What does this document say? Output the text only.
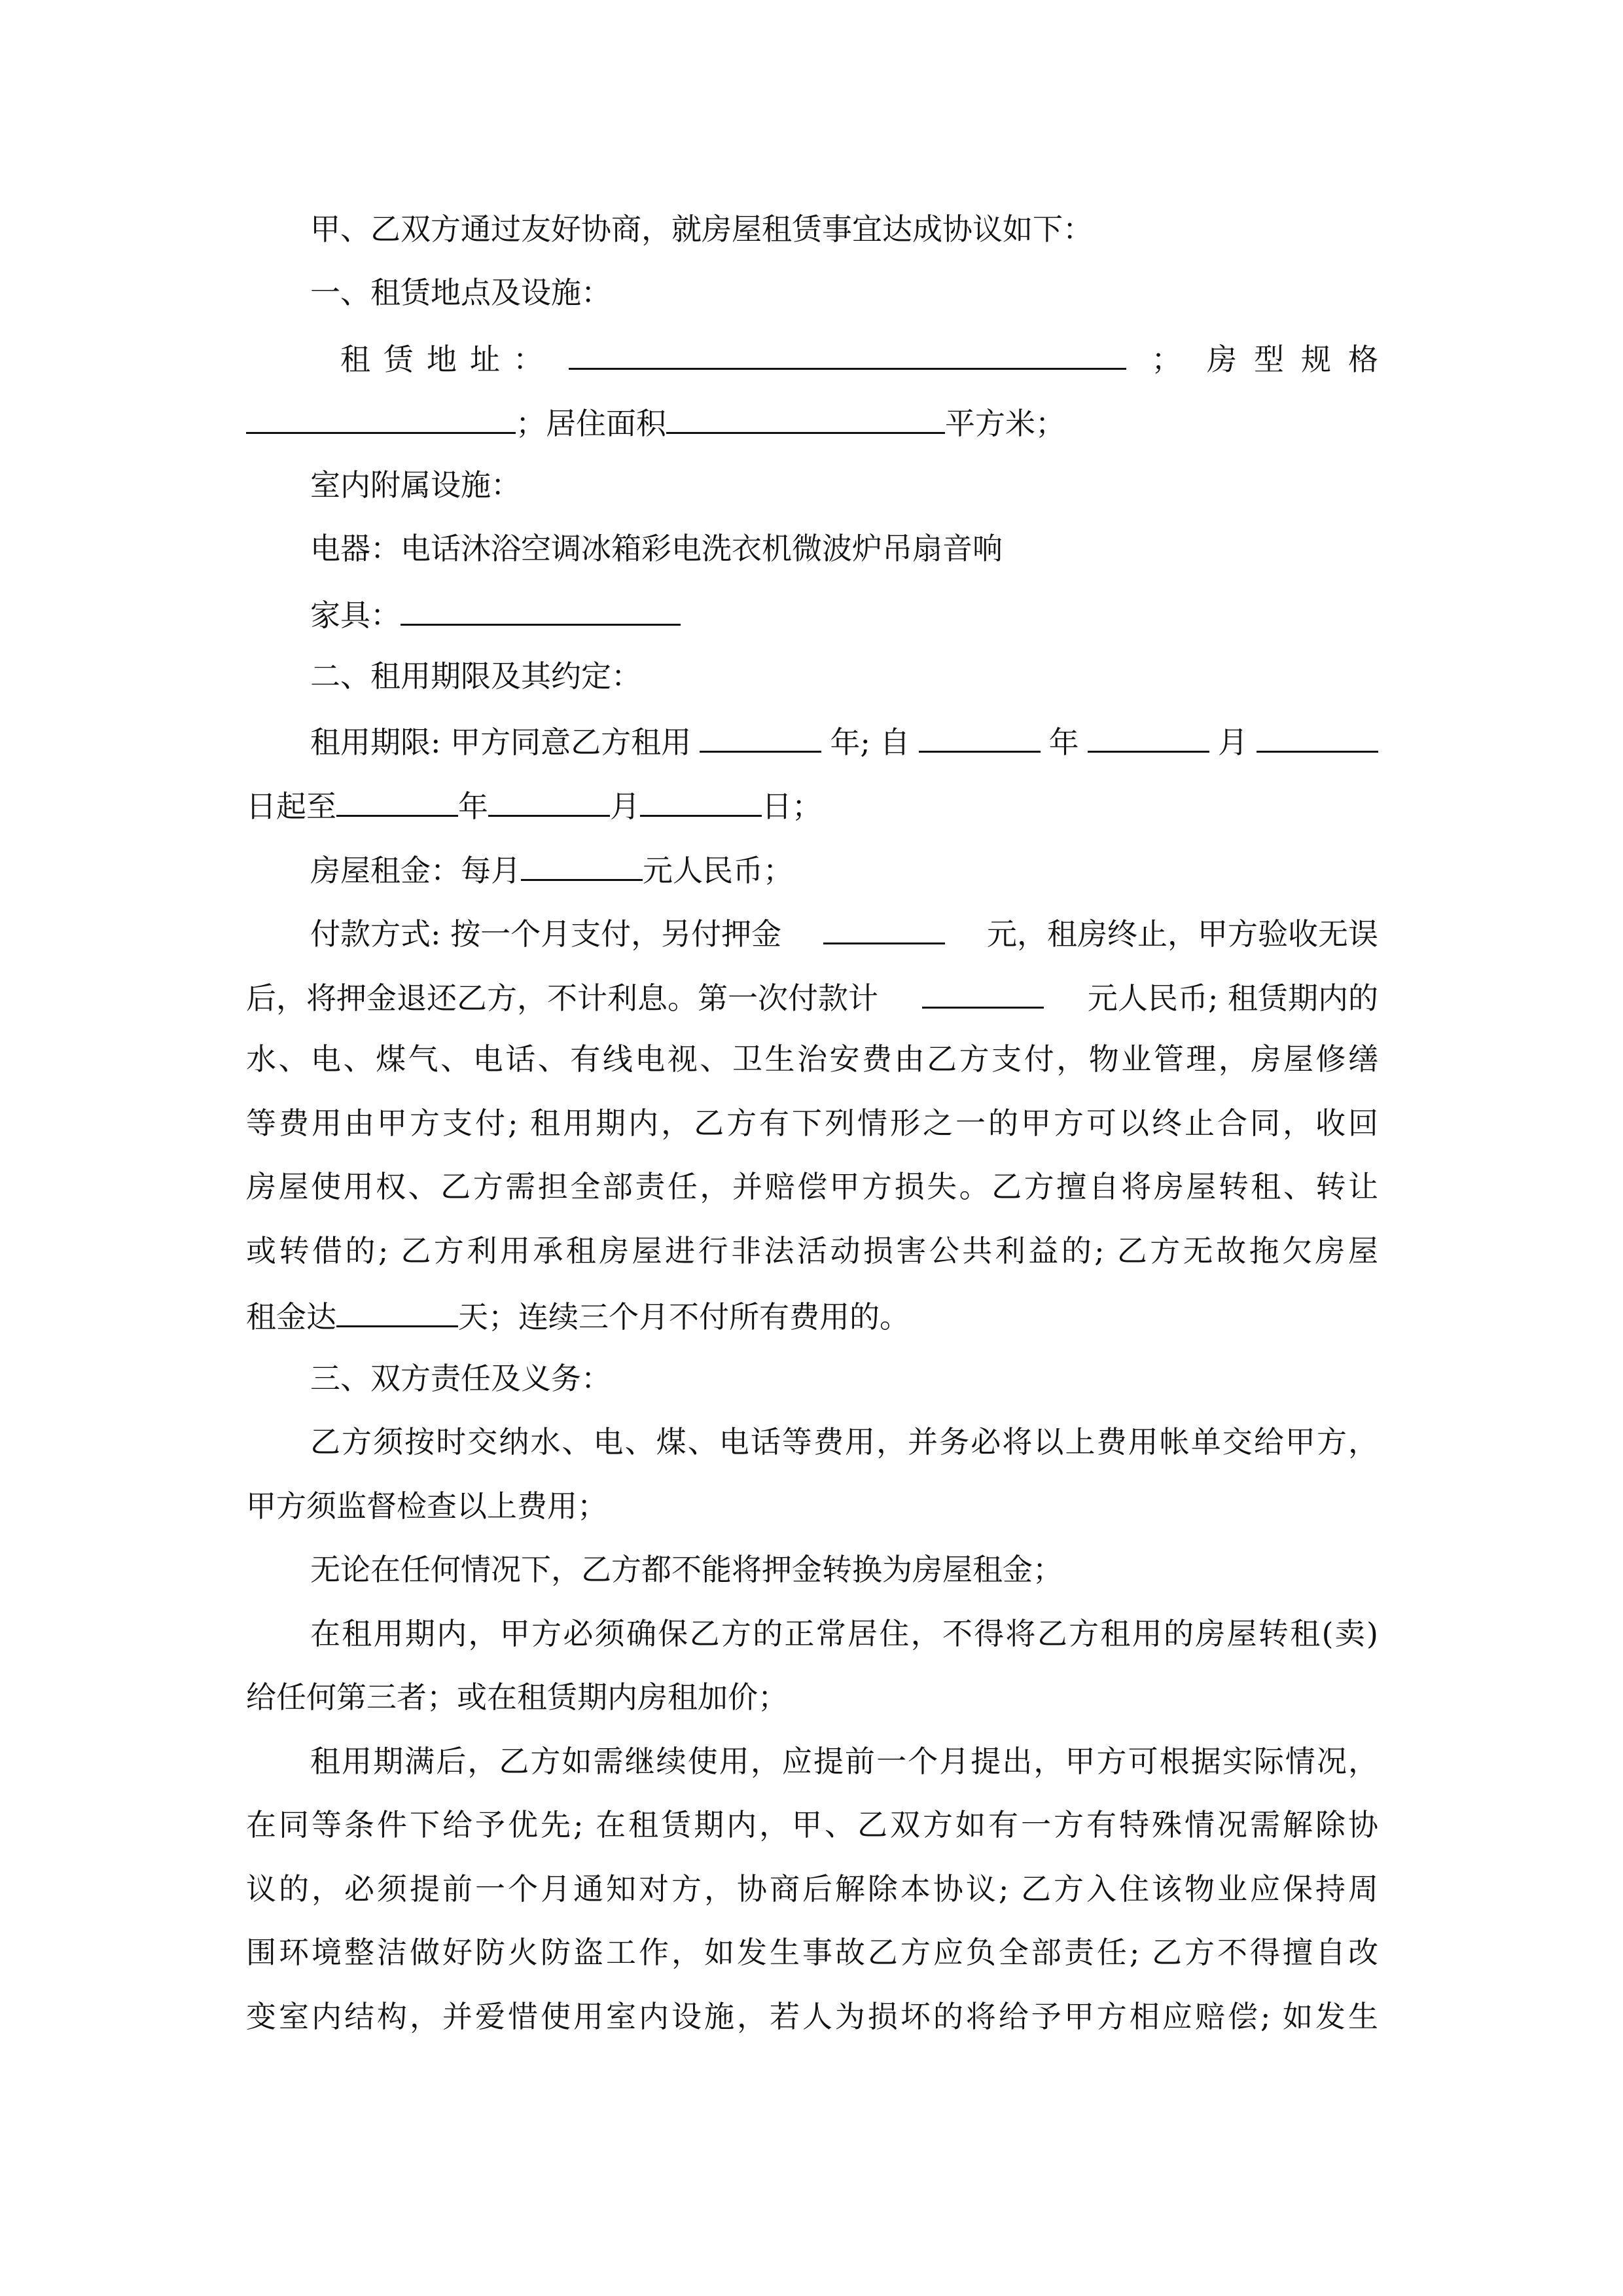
甲、乙双方通过友好协商，就房屋租赁事宜达成协议如下：
一、租赁地点及设施：
租 赁 地 址 ：	； 房 型 规 格
；居住面积	平方米；
室内附属设施：
电器：电话沐浴空调冰箱彩电洗衣机微波炉吊扇音响
家具：
二、租用期限及其约定：
租用期限: 甲方同意乙方租用	年; 自	年	月
日起至	年	月	日；
房屋租金：每月	元人民币；
付款方式: 按一个月支付，另付押金	元，租房终止，甲方验收无误
后，将押金退还乙方，不计利息。第一次付款计	元人民币; 租赁期内的
水、电、煤气、电话、有线电视、卫生治安费由乙方支付，物业管理，房屋修缮
等费用由甲方支付; 租用期内，乙方有下列情形之一的甲方可以终止合同，收回
房屋使用权、乙方需担全部责任，并赔偿甲方损失。乙方擅自将房屋转租、转让
或转借的; 乙方利用承租房屋进行非法活动损害公共利益的; 乙方无故拖欠房屋
租金达	天；连续三个月不付所有费用的。
三、双方责任及义务：
乙方须按时交纳水、电、煤、电话等费用，并务必将以上费用帐单交给甲方，
甲方须监督检查以上费用；
无论在任何情况下，乙方都不能将押金转换为房屋租金；
在租用期内，甲方必须确保乙方的正常居住，不得将乙方租用的房屋转租(卖)
给任何第三者；或在租赁期内房租加价；
租用期满后，乙方如需继续使用，应提前一个月提出，甲方可根据实际情况，
在同等条件下给予优先; 在租赁期内，甲、乙双方如有一方有特殊情况需解除协
议的，必须提前一个月通知对方，协商后解除本协议; 乙方入住该物业应保持周
围环境整洁做好防火防盗工作，如发生事故乙方应负全部责任; 乙方不得擅自改
变室内结构，并爱惜使用室内设施，若人为损坏的将给予甲方相应赔偿; 如发生
